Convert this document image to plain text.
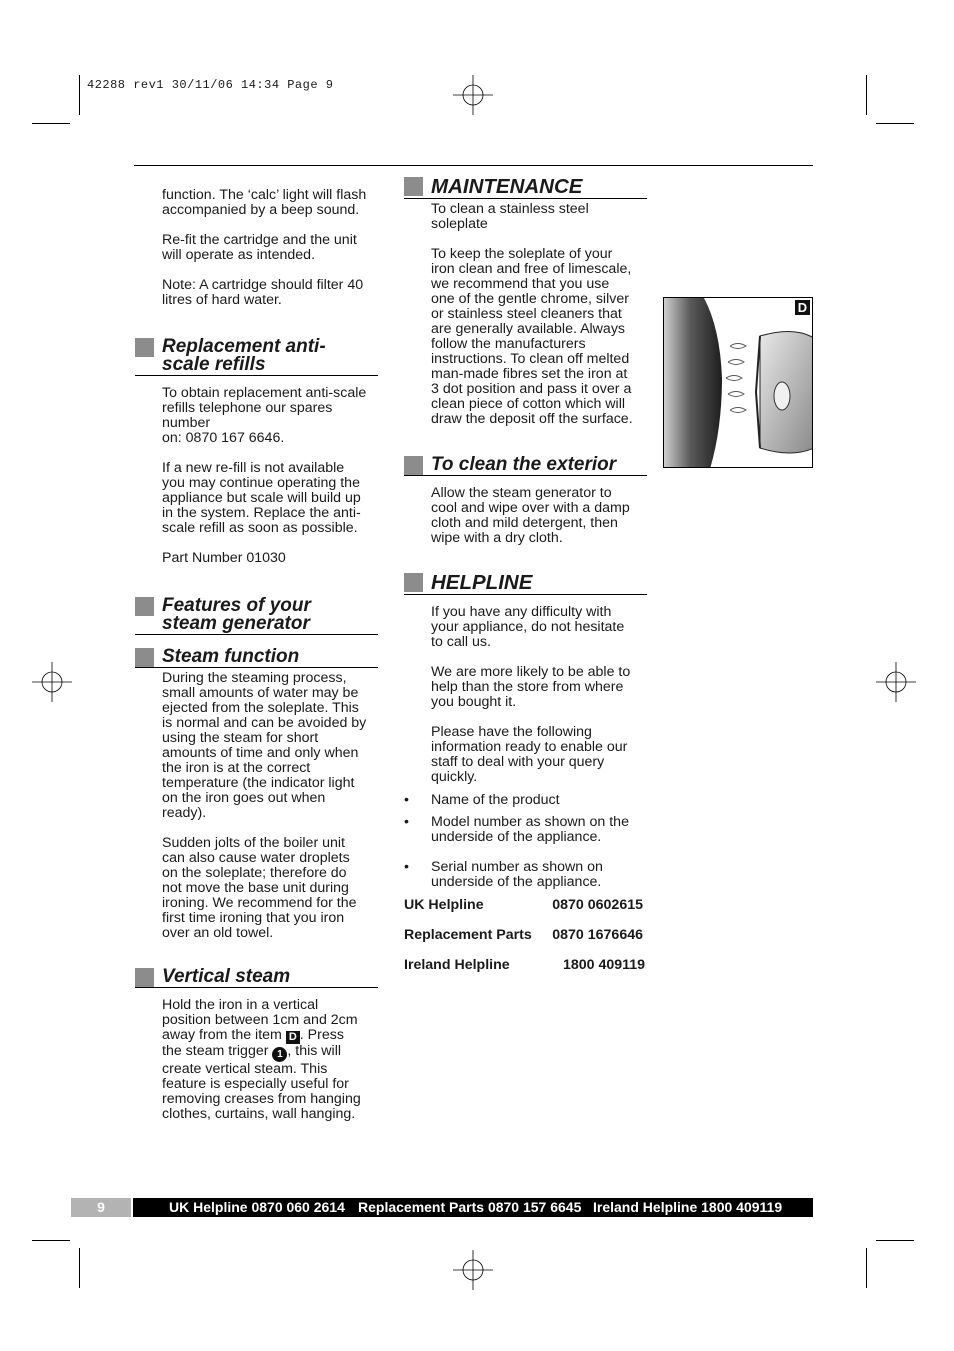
42288 rev1 30/11/06 14:34 Page 9

function. The ‘calc’ light will flash
accompanied by a beep sound.

Re-fit the cartridge and the unit
will operate as intended.

Note: A cartridge should filter 40
litres of hard water.

Replacement anti-
scale refills

To obtain replacement anti-scale
refills telephone our spares
number
on: 0870 167 6646.

If a new re-fill is not available
you may continue operating the
appliance but scale will build up
in the system. Replace the anti-
scale refill as soon as possible.

Part Number 01030

Features of your
steam generator
Steam function

During the steaming process,
small amounts of water may be
ejected from the soleplate. This
is normal and can be avoided by
using the steam for short
amounts of time and only when
the iron is at the correct
temperature (the indicator light
on the iron goes out when
ready).

Sudden jolts of the boiler unit
can also cause water droplets
on the soleplate; therefore do
not move the base unit during
ironing. We recommend for the
first time ironing that you iron
over an old towel.

Vertical steam

Hold the iron in a vertical
position between 1cm and 2cm
away from the item D . Press
the steam trigger 1 , this will
create vertical steam. This
feature is especially useful for
removing creases from hanging
clothes, curtains, wall hanging.

MAINTENANCE

To clean a stainless steel
soleplate

To keep the soleplate of your
iron clean and free of limescale,
we recommend that you use
one of the gentle chrome, silver
or stainless steel cleaners that
are generally available. Always
follow the manufacturers
instructions. To clean off melted
man-made fibres set the iron at
3 dot position and pass it over a
clean piece of cotton which will
draw the deposit off the surface.

To clean the exterior

Allow the steam generator to
cool and wipe over with a damp
cloth and mild detergent, then
wipe with a dry cloth.

HELPLINE

If you have any difficulty with
your appliance, do not hesitate
to call us.

We are more likely to be able to
help than the store from where
you bought it.

Please have the following
information ready to enable our
staff to deal with your query
quickly.

• Name of the product
• Model number as shown on the
underside of the appliance.
• Serial number as shown on
underside of the appliance.
UK Helpline	0870 0602615
Replacement Parts 0870 1676646
Ireland Helpline	1800 409119
D
9	UK Helpline 0870 060 2614 Replacement Parts 0870 157 6645 Ireland Helpline 1800 409119
